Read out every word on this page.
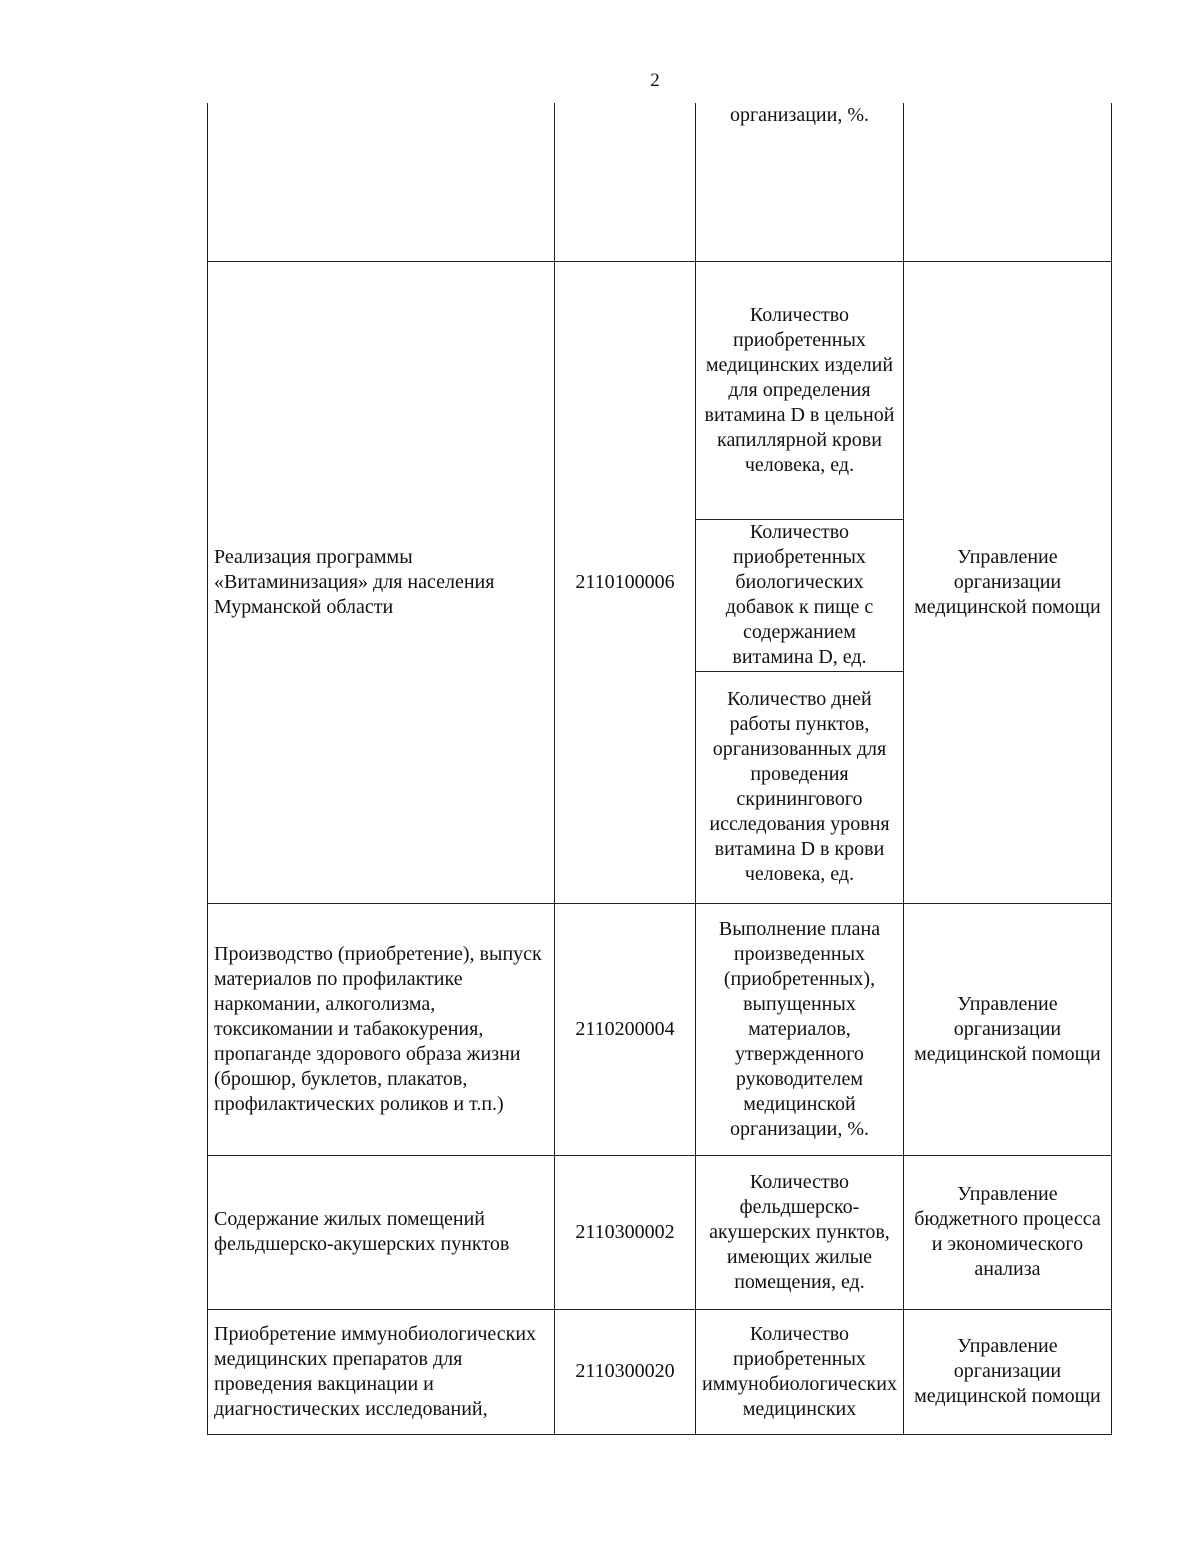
2
		организации, %.	
Реализация программы «Витаминизация» для населения Мурманской области	2110100006	Количество приобретенных медицинских изделий для определения витамина D в цельной капиллярной крови человека, ед.	Управление организации медицинской помощи
		Количество приобретенных биологических добавок к пище с содержанием витамина D, ед.	
		Количество дней работы пунктов, организованных для проведения скринингового исследования уровня витамина D в крови человека, ед.	
Производство (приобретение), выпуск материалов по профилактике наркомании, алкоголизма, токсикомании и табакокурения, пропаганде здорового образа жизни (брошюр, буклетов, плакатов, профилактических роликов и т.п.)	2110200004	Выполнение плана произведенных (приобретенных), выпущенных материалов, утвержденного руководителем медицинской организации, %.	Управление организации медицинской помощи
Содержание жилых помещений фельдшерско-акушерских пунктов	2110300002	Количество фельдшерско-акушерских пунктов, имеющих жилые помещения, ед.	Управление бюджетного процесса и экономического анализа
Приобретение иммунобиологических медицинских препаратов для проведения вакцинации и диагностических исследований,	2110300020	Количество приобретенных иммунобиологических медицинских	Управление организации медицинской помощи
